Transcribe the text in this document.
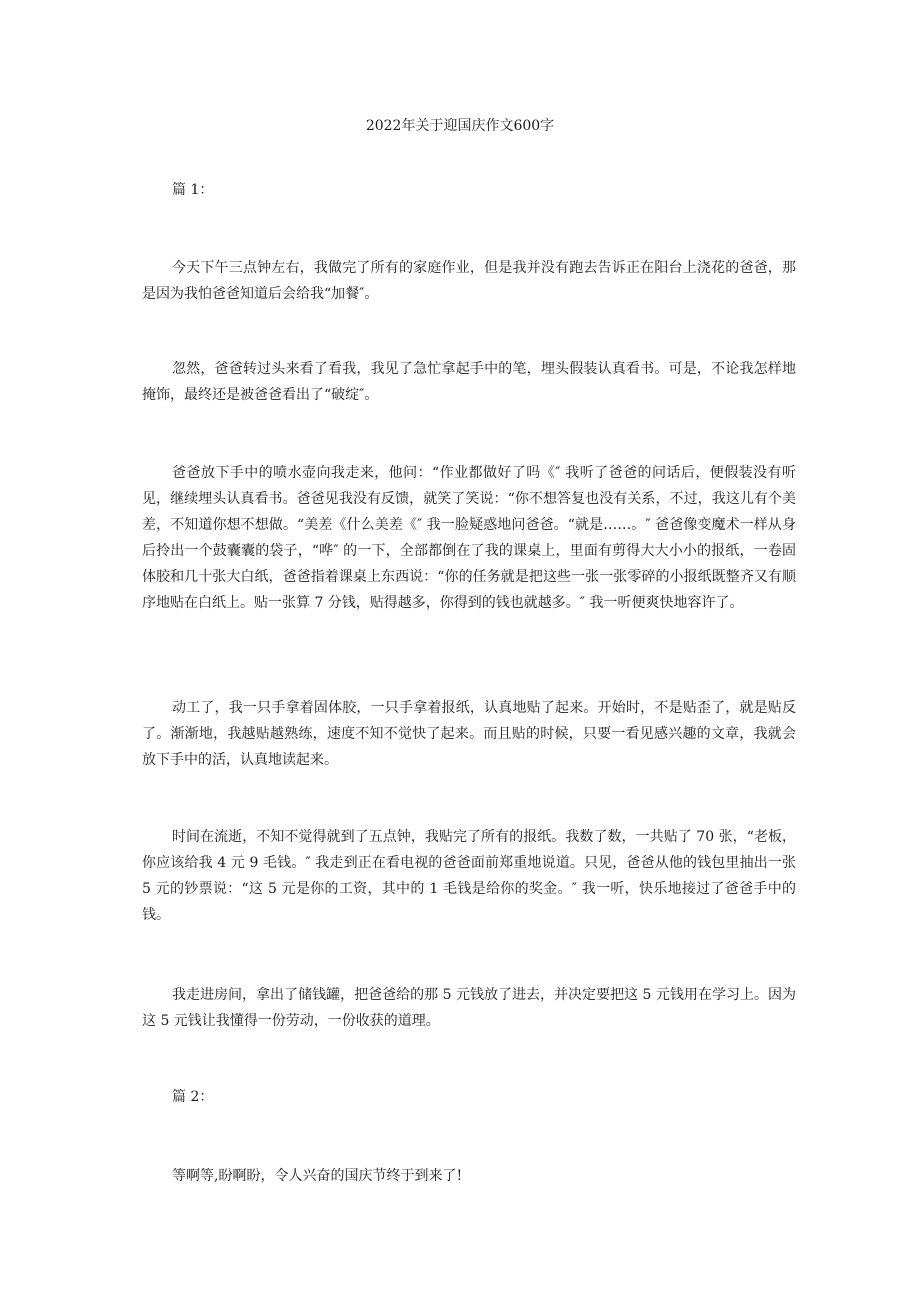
2022年关于迎国庆作文600字
篇 1：

今天下午三点钟左右，我做完了所有的家庭作业，但是我并没有跑去告诉正在阳台上浇花的爸爸，那是因为我怕爸爸知道后会给我“加餐″。

忽然，爸爸转过头来看了看我，我见了急忙拿起手中的笔，埋头假装认真看书。可是，不论我怎样地掩饰，最终还是被爸爸看出了“破绽″。

爸爸放下手中的喷水壶向我走来，他问：“作业都做好了吗《″ 我听了爸爸的问话后，便假装没有听见，继续埋头认真看书。爸爸见我没有反馈，就笑了笑说：“你不想答复也没有关系，不过，我这儿有个美差，不知道你想不想做。“美差《什么美差《″ 我一脸疑惑地问爸爸。“就是……。″ 爸爸像变魔术一样从身后拎出一个鼓囊囊的袋子，“哗″ 的一下，全部都倒在了我的课桌上，里面有剪得大大小小的报纸，一卷固体胶和几十张大白纸，爸爸指着课桌上东西说：“你的任务就是把这些一张一张零碎的小报纸既整齐又有顺序地贴在白纸上。贴一张算 7 分钱，贴得越多，你得到的钱也就越多。″ 我一听便爽快地容许了。

动工了，我一只手拿着固体胶，一只手拿着报纸，认真地贴了起来。开始时，不是贴歪了，就是贴反了。渐渐地，我越贴越熟练，速度不知不觉快了起来。而且贴的时候，只要一看见感兴趣的文章，我就会放下手中的活，认真地读起来。

时间在流逝，不知不觉得就到了五点钟，我贴完了所有的报纸。我数了数，一共贴了 70 张，“老板，你应该给我 4 元 9 毛钱。″ 我走到正在看电视的爸爸面前郑重地说道。只见，爸爸从他的钱包里抽出一张 5 元的钞票说：“这 5 元是你的工资，其中的 1 毛钱是给你的奖金。″ 我一听，快乐地接过了爸爸手中的钱。

我走进房间，拿出了储钱罐，把爸爸给的那 5 元钱放了进去，并决定要把这 5 元钱用在学习上。因为这 5 元钱让我懂得一份劳动，一份收获的道理。

篇 2：

等啊等,盼啊盼，令人兴奋的国庆节终于到来了!
